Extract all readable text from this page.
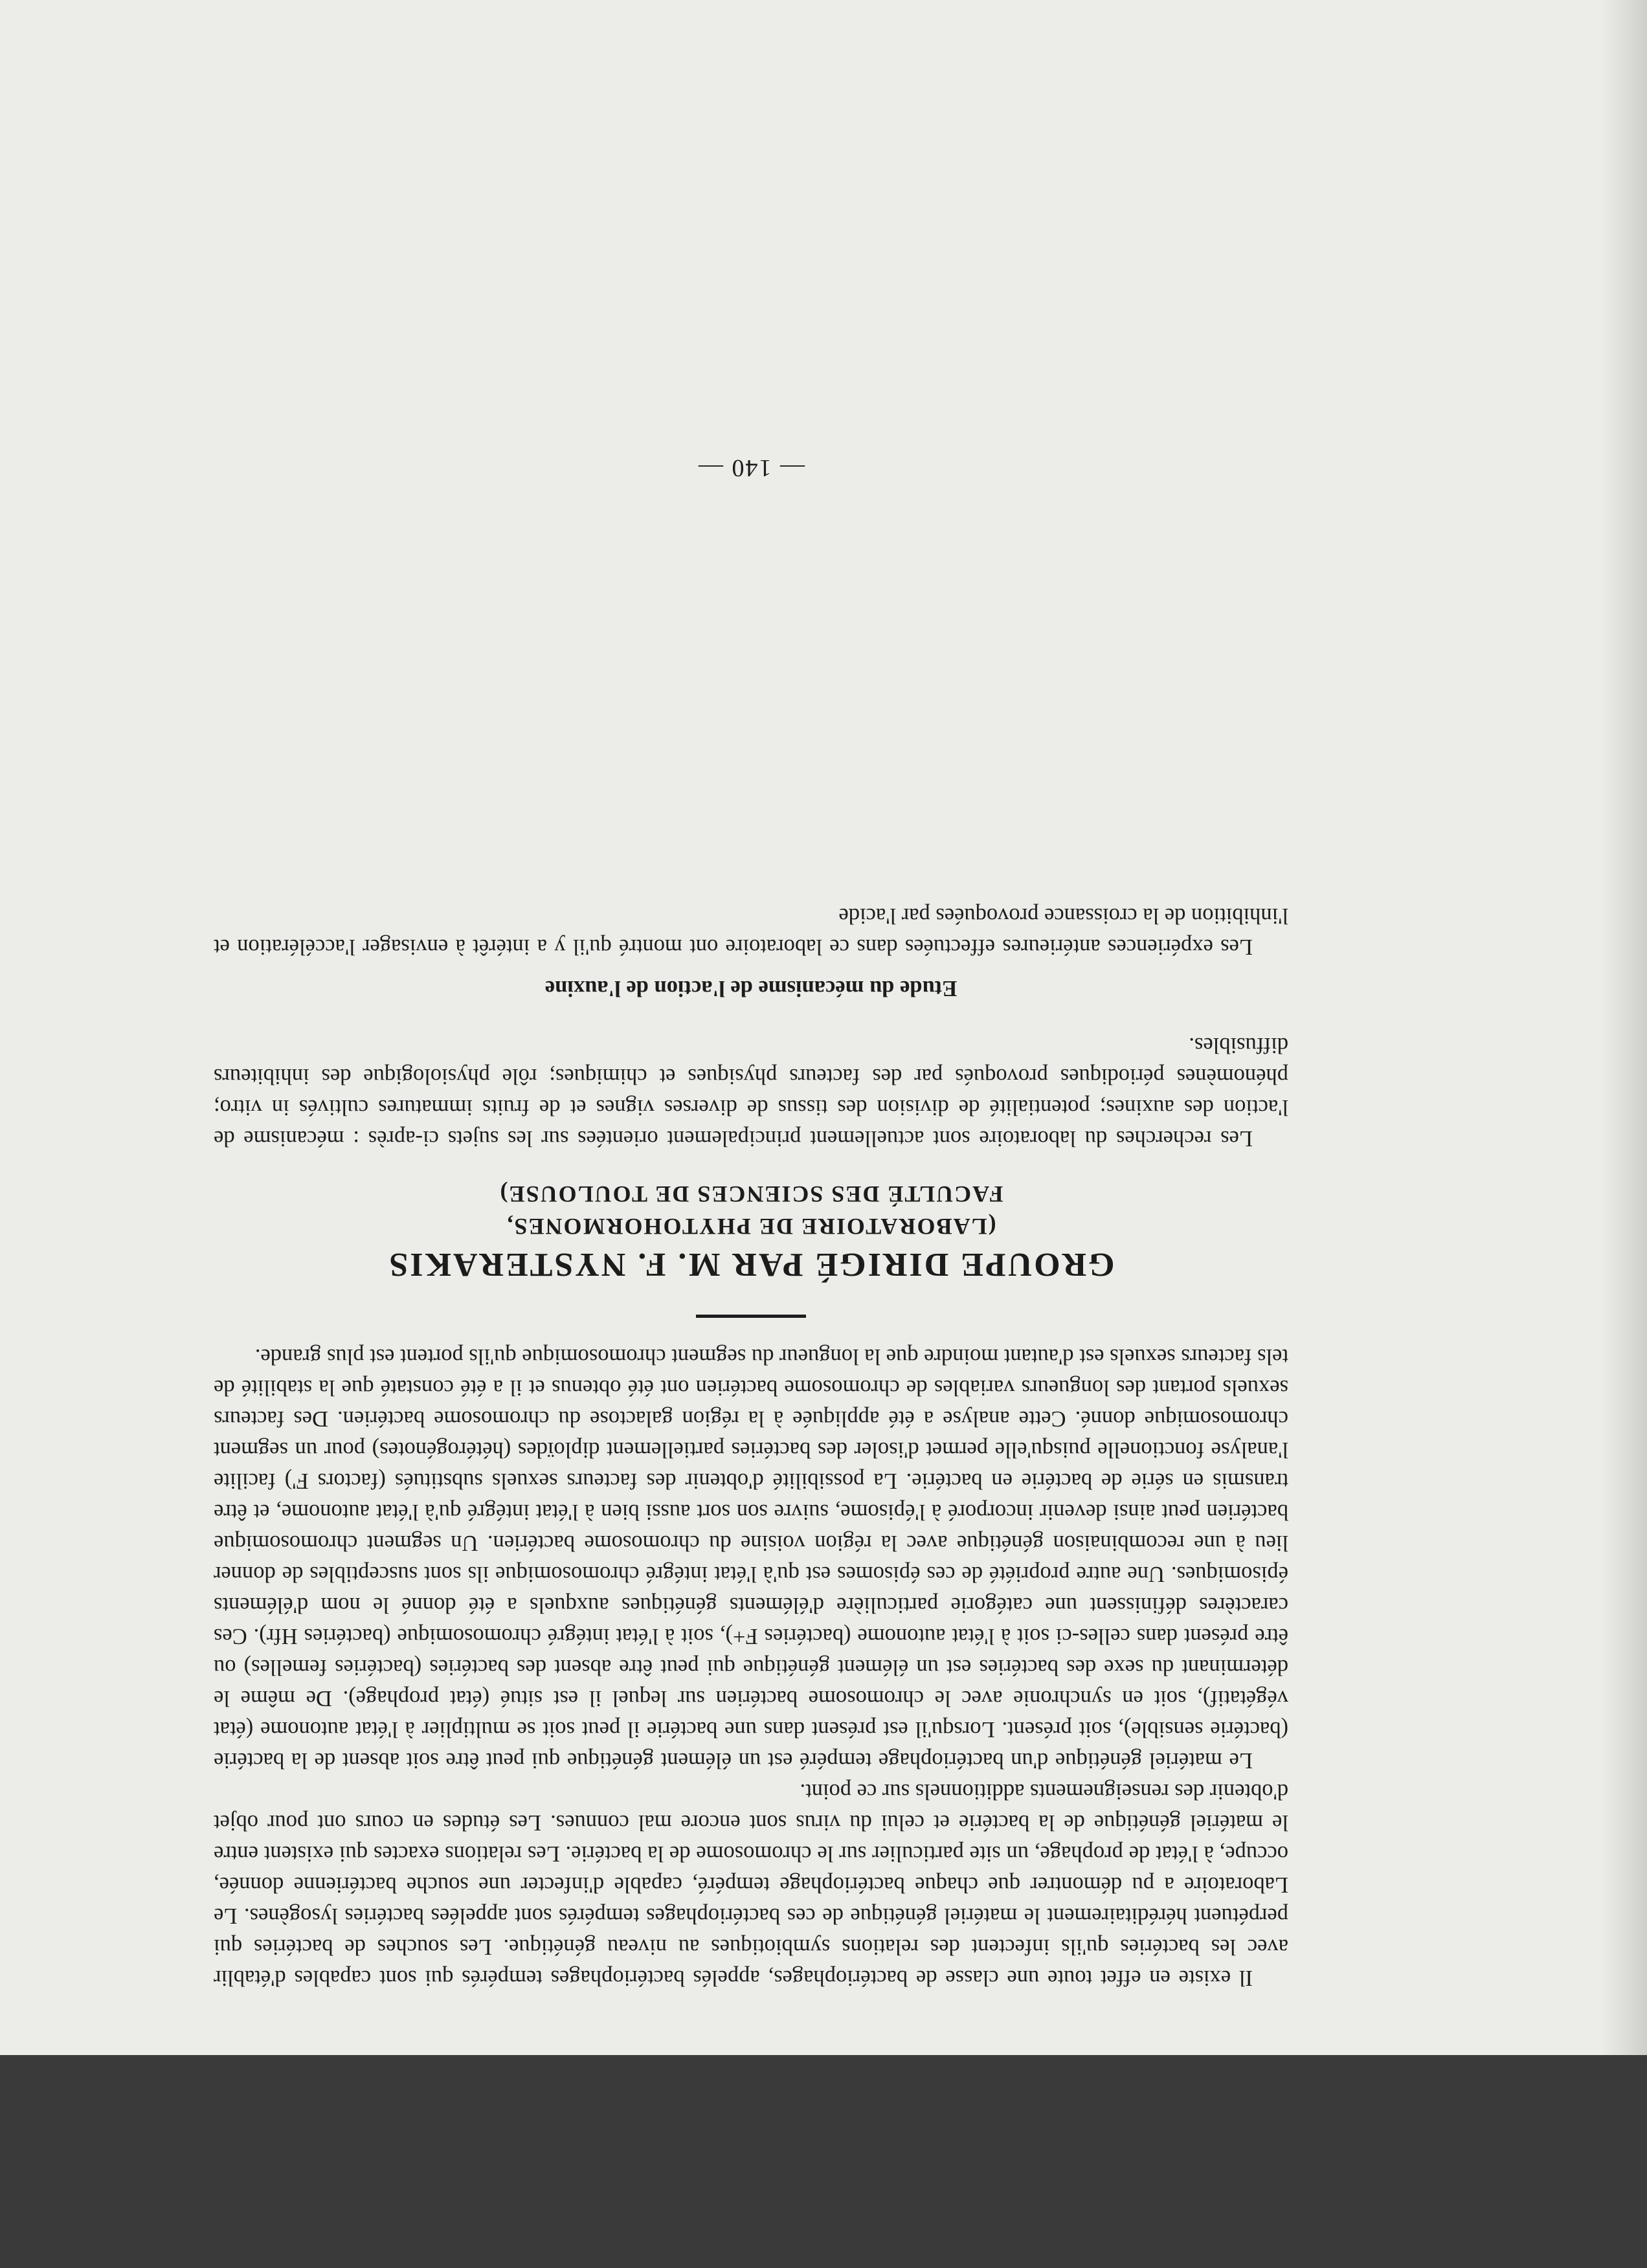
Il existe en effet toute une classe de bactériophages, appelés bactériophages tempérés qui sont capables d'établir avec les bactéries qu'ils infectent des relations symbiotiques au niveau génétique. Les souches de bactéries qui perpétuent héréditairement le matériel génétique de ces bactériophages tempérés sont appelées bactéries lysogènes. Le Laboratoire a pu démontrer que chaque bactériophage tempéré, capable d'infecter une souche bactérienne donnée, occupe, à l'état de prophage, un site particulier sur le chromosome de la bactérie. Les relations exactes qui existent entre le matériel génétique de la bactérie et celui du virus sont encore mal connues. Les études en cours ont pour objet d'obtenir des renseignements additionnels sur ce point.

Le matériel génétique d'un bactériophage tempéré est un élément génétique qui peut être soit absent de la bactérie (bactérie sensible), soit présent. Lorsqu'il est présent dans une bactérie il peut soit se multiplier à l'état autonome (état végétatif), soit en synchronie avec le chromosome bactérien sur lequel il est situé (état prophage). De même le déterminant du sexe des bactéries est un élément génétique qui peut être absent des bactéries (bactéries femelles) ou être présent dans celles-ci soit à l'état autonome (bactéries F+), soit à l'état intégré chromosomique (bactéries Hfr). Ces caractères définissent une catégorie particulière d'éléments génétiques auxquels a été donné le nom d'éléments épisomiques. Une autre propriété de ces épisomes est qu'à l'état intégré chromosomique ils sont susceptibles de donner lieu à une recombinaison génétique avec la région voisine du chromosome bactérien. Un segment chromosomique bactérien peut ainsi devenir incorporé à l'épisome, suivre son sort aussi bien à l'état intégré qu'à l'état autonome, et être transmis en série de bactérie en bactérie. La possibilité d'obtenir des facteurs sexuels substitués (factors F') facilite l'analyse fonctionelle puisqu'elle permet d'isoler des bactéries partiellement diploïdes (hétérogénotes) pour un segment chromosomique donné. Cette analyse a été appliquée à la région galactose du chromosome bactérien. Des facteurs sexuels portant des longueurs variables de chromosome bactérien ont été obtenus et il a été constaté que la stabilité de tels facteurs sexuels est d'autant moindre que la longueur du segment chromosomique qu'ils portent est plus grande.

GROUPE DIRIGÉ PAR M. F. NYSTERAKIS

(LABORATOIRE DE PHYTOHORMONES,

FACULTÉ DES SCIENCES DE TOULOUSE)

Les recherches du laboratoire sont actuellement principalement orientées sur les sujets ci-après : mécanisme de l'action des auxines; potentialité de division des tissus de diverses vignes et de fruits immatures cultivés in vitro; phénomènes périodiques provoqués par des facteurs physiques et chimiques; rôle physiologique des inhibiteurs diffusibles.

Etude du mécanisme de l'action de l'auxine

Les expériences antérieures effectuées dans ce laboratoire ont montré qu'il y a intérêt à envisager l'accélération et l'inhibition de la croissance provoquées par l'acide

— 140 —
